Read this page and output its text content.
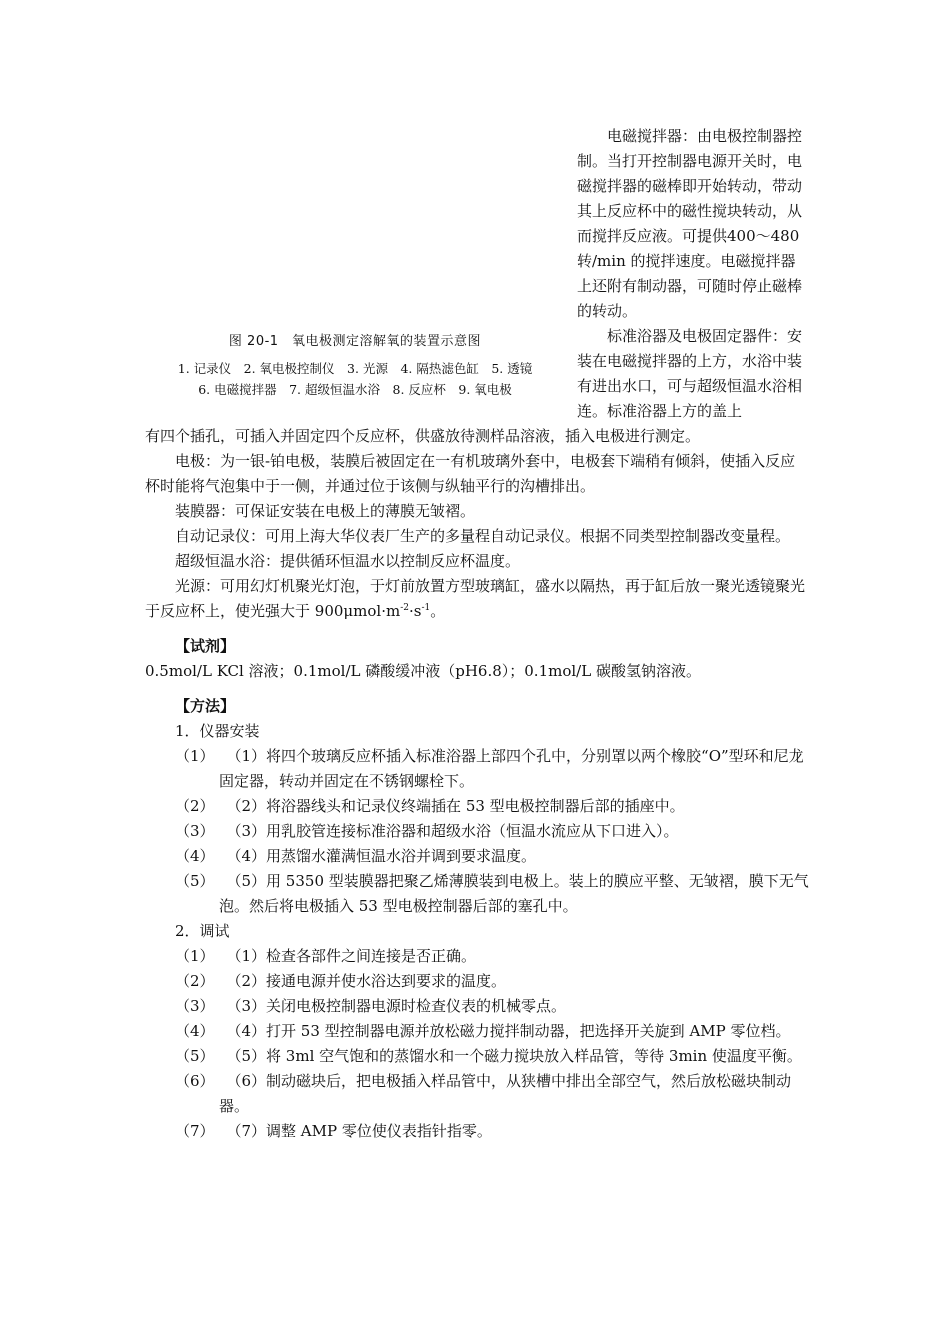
图 20-1　氧电极测定溶解氧的装置示意图
1. 记录仪　2. 氧电极控制仪　3. 光源　4. 隔热滤色缸　5. 透镜
6. 电磁搅拌器　7. 超级恒温水浴　8. 反应杯　9. 氧电极

电磁搅拌器：由电极控制器控制。当打开控制器电源开关时，电磁搅拌器的磁棒即开始转动，带动其上反应杯中的磁性搅块转动，从而搅拌反应液。可提供400～480 转/min 的搅拌速度。电磁搅拌器上还附有制动器，可随时停止磁棒的转动。

标准浴器及电极固定器件：安装在电磁搅拌器的上方，水浴中装有进出水口，可与超级恒温水浴相连。标准浴器上方的盖上

有四个插孔，可插入并固定四个反应杯，供盛放待测样品溶液，插入电极进行测定。

电极：为一银-铂电极，装膜后被固定在一有机玻璃外套中，电极套下端稍有倾斜，使插入反应杯时能将气泡集中于一侧，并通过位于该侧与纵轴平行的沟槽排出。

装膜器：可保证安装在电极上的薄膜无皱褶。

自动记录仪：可用上海大华仪表厂生产的多量程自动记录仪。根据不同类型控制器改变量程。

超级恒温水浴：提供循环恒温水以控制反应杯温度。

光源：可用幻灯机聚光灯泡，于灯前放置方型玻璃缸，盛水以隔热，再于缸后放一聚光透镜聚光于反应杯上，使光强大于 $900\mu mol\cdot m^{-2}\cdot s^{-1}$。

【试剂】

0.5mol/L KCl 溶液；0.1mol/L 磷酸缓冲液（pH6.8）；0.1mol/L 碳酸氢钠溶液。

【方法】

1．仪器安装

（1） 　（1）将四个玻璃反应杯插入标准浴器上部四个孔中，分别罩以两个橡胶“O”型环和尼龙固定器，转动并固定在不锈钢螺栓下。
（2） 　（2）将浴器线头和记录仪终端插在 53 型电极控制器后部的插座中。
（3） 　（3）用乳胶管连接标准浴器和超级水浴（恒温水流应从下口进入）。
（4） 　（4）用蒸馏水灌满恒温水浴并调到要求温度。
（5） 　（5）用 5350 型装膜器把聚乙烯薄膜装到电极上。装上的膜应平整、无皱褶，膜下无气泡。然后将电极插入 53 型电极控制器后部的塞孔中。

2．调试

（1） 　（1）检查各部件之间连接是否正确。
（2） 　（2）接通电源并使水浴达到要求的温度。
（3） 　（3）关闭电极控制器电源时检查仪表的机械零点。
（4） 　（4）打开 53 型控制器电源并放松磁力搅拌制动器，把选择开关旋到 AMP 零位档。
（5） 　（5）将 3ml 空气饱和的蒸馏水和一个磁力搅块放入样品管，等待 3min 使温度平衡。
（6） 　（6）制动磁块后，把电极插入样品管中，从狭槽中排出全部空气，然后放松磁块制动器。
（7） 　（7）调整 AMP 零位使仪表指针指零。
